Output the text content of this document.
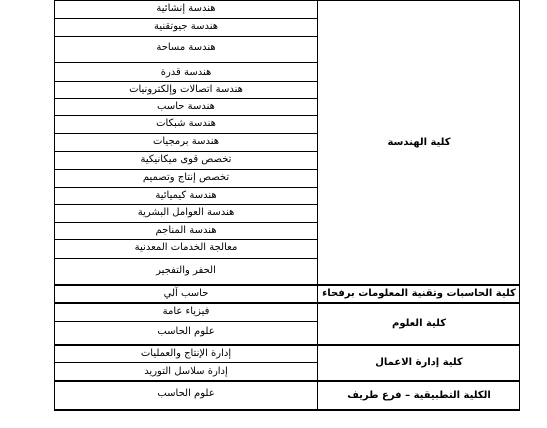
هندسة إنشائية
هندسة جيوتقنية
هندسة مساحة
هندسة قدرة
هندسة اتصالات وإلكترونيات
هندسة حاسب
هندسة شبكات
هندسة برمجيات
تخصص قوى ميكانيكية
تخصص إنتاج وتصميم
هندسة كيميائية
هندسة العوامل البشرية
هندسة المناجم
معالجة الخدمات المعدنية
الحفر والتفجير
حاسب آلي
فيزياء عامة
علوم الحاسب
إدارة الإنتاج والعمليات
إدارة سلاسل التوريد
علوم الحاسب
كلية الهندسة
كلية الحاسبات وتقنية المعلومات برفحاء
كلية العلوم
كلية إدارة الاعمال
الكلية التطبيقية – فرع طريف
